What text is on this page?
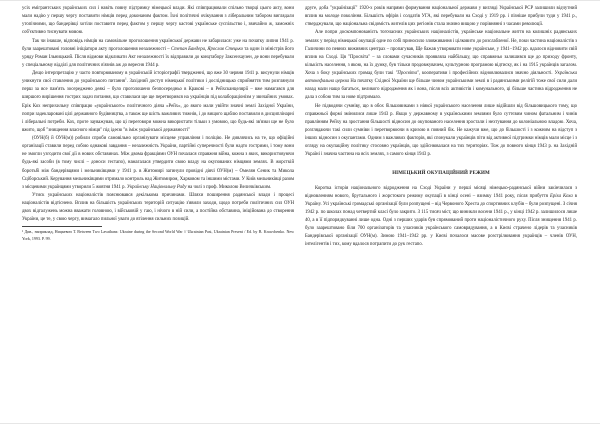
усіх емігрантських українських сил і навіть повну підтримку німецької влади. Які співпрацювали спільно творці цього акту, вони мали надію у першу чергу поставити німців перед доконаним фактом. Їхні політичні очікування з ліберальним табором виглядали утопічними, що бандерівці хотіли поставити перед фактом у першу чергу кастові українське суспільство і, звичайно ж, заможніх соб'єктивно тиснувати мовою.

Так чи інакше, відповідь німців на самовільне проголошення української держави не забарилася: уже на початку липня 1941 р. були заарештовані головні ініціатори акту проголошення незалежності – Степан Бандера, Ярослав Стецько та один із міністрів його уряду Роман Ільницький. Після відмови відкликати Акт незалежності їх відправили до концтабору Заксенхаузен, де вони перебували у спеціальному відділі для політичних в'язнів аж до вересня 1944 р.

Дещо інтерпретацію у часто повторюваному в українській історіографії твердженні, що вже 30 червня 1941 р. висунули німців уникнути свої ставлення до українського питання$^1$. Західний доступ німецької політики і дослідницько сприйняття тим розглянули перш за все пам'ять зосереджено деякі – було проголошено безпосередньо в Кракові – в Рейхсканцелярії – вже намагався для ширшого вирішення гострих задач питання, що ставилася ще ще перетворився на українців під колабораціонізм у звичайних умовах. Ерік Кох неприхильну співпрацю «українського» політичного діяча «Рейх», до якого мали увійти значні землі Західної України, попри задекларовані цілі державного будівництва, а також ще шість важливих тижнів, і до вищого щаблю поставили в дисциплінарні і ліберальні потреби. Кох, проте зауважував, що ці переговори можна використати тільки з умовою, що будь-які зв'язки ще не було вжито, щоб "знищення власного німця" під ідеєю "в іміж української державності"

(ОУН(б) й ОУН(м)) робили спроби самовільно організувати місцеве управління і поліцію. Не дивлячись на те, що офіційні організації ставили перед собою однакові завдання – незалежність України, партійні суперечності були надто гострими, і тому вони не змогли узгодити свої дії в нових обставинах. Між двома фракціями ОУН почалася справжня війна, кожна з яких, використовуючи будь-які засоби (в тому числі – доноси гестапо), намагалася утвердити свою владу на окупованих німцями землях. В жорсткій боротьбі між бандерівцями і мельниківцями у 1941 р. в Житомирі загинули провідні діячі ОУН(м) – Омелян Сеник та Микола Сціборський. Керування мельниківцями отримало контроль над Житомиром, Харковом та іншими містами. У Київ мельниківці разом з місцевими українцями утворили 5 жовтня 1941 р. Українську Національну Раду на чолі з проф. Миколою Величківським.

Утиск українських націоналістів пояснювався декількома причинами. Шляхи поширення радянської влади і процесі націоналістів відтіснено. Вплив на більшість українських територій ситуацію з'явили заходи, щодо потреби політичних сил ОУН двох відгалужень можна вважати головною, і військовій у гаю, і нічого в ній сили, а постійна обставина, ініційована до створення України, це те, у свою чергу, вимагало пильної уваги до втілення сильних позицій.

¹ Див., наприклад, Ницкевич Т. Between Two Lavathans: Ukraine during the Second World War // Ukrainian Past, Ukrainian Present / Ed. by B. Krawchenko. New York, 1993. P. 99.

друге, доба "українізації" 1920-х років напрями формування національної держави у вигляді Української РСР залишили відчутний вплив на молоде покоління. Більшість офірів і солдатів УГА, які перебували на Сході у 1919 рр. і пізніше прибули туди у 1941 р., стверджували, що національна свідомість жителів цих регіонів стала значно вищою у порівнянні з часами революції.

Але попри доскомпонованість тогочасних українських націоналістів, українське національне життя на колишніх радянських землях у період німецької окупації одне по собі приносило зловживання і цілковито до розслабленої. Не, поки частина націоналістів з Галичини по певних виживних центрах – пропагував, Ще бажав утворювати нове українське, у 1941–1942 рр. вдалося відновити свій вплив на Сході. Ця "Просвіта" – за словами сучасників проявляла найбільшу, що справжньо залишився ще до приходу фронту, кількість населення, з якою, на їх думку, був тільки продовжувачем, культурною програмою відтиску, як і на 1915 українців загалом. Хоча з боку українських громад були такі "Просвіта", кооперативи і професійних відновлювалися значно діяльності. Українська автокефальна церква На початку Східної України ще більше чином українськими землі в і радянськими релігій тоже свої сили дали назад мали нащо багатьох, великого відродження як і вона, після всіх активістів і комунального, ці більше частина відродження не дала з собою тим за нове підтримало.

Не підводячи сумніву, що в обох більшовиками з ніякої українського населення лише відійшли від більшовицького тому, що справжньої формі змінилися лише 1943 р. Якщо у державному в українськими землями було суттєвим чином фатальним і чинів правлінням Рейху на зростання більшості відносин до окупованого населення зростали і нехтування до колоніальною владою. Хоча, розглядаючи такі сили сумніви і перетворюючи в кризою в повний бік. Не кажучи вже, що до більшості і з кожним на відступ з інших відносин з окупантами. Одним з важливих факторів, які спонукали українців піти від активної підтримки німців мали місце і з огляду на окупаційну політику стосовно українців, що здійснювалася на тих територіях. Тож до повного кінця 1943 р. на Західній Україні і значна частина на всіх землях, з самого кінця 1943 р.

НІМЕЦЬКИЙ ОКУПАЦІЙНИЙ РЕЖИМ

Коротка історія національного відродження на Сході України у перші місяці німецько-радянської війни закінчилася з відновленням нового, брутального і жорстокого режиму окупації в кінці осені – взимку 1941 року, після прибуття Еріха Коха в Україну. Усі українські громадські організації були розпущені – від Червоного Хреста до спортивних клубів – були розпущені. З січня 1942 р. по школах понад четвертий класі було закрито. З 115 тисяч міст, що виникли восени 1941 р., у кінці 1942 р. залишилося лише 40, а в її підпорядкуванні лише одна. Одні з перших ударів був спрямований проти націоналістичного руху. Після знищення 1941 р. було заарештовано біля 700 організаторів та учасників українського самоврядування, а в Києві страчено лідерів та учасників Бандерівської організації ОУН(м). Зимою 1941–1942 рр. у Києві почалося масове розстрілювання українців – членів ОУН, інтелігентів і тих, кому вдалося потрапити до рук гестапо.
